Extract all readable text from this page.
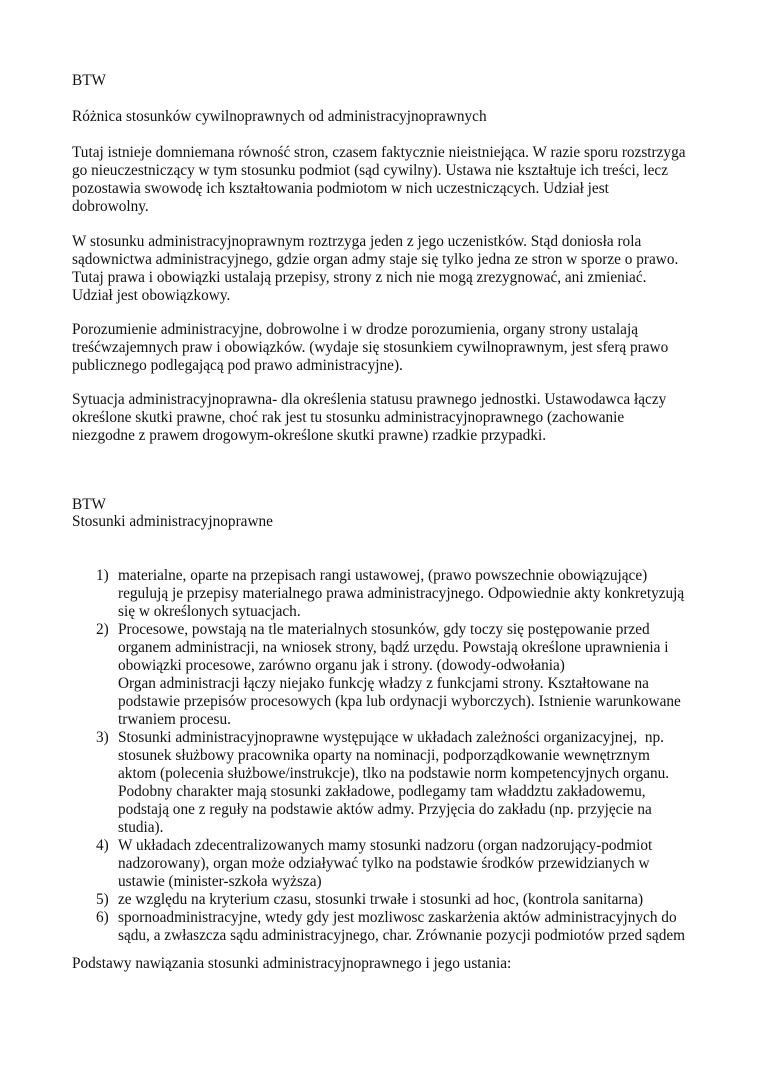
BTW
Różnica stosunków cywilnoprawnych od administracyjnoprawnych
Tutaj istnieje domniemana równość stron, czasem faktycznie nieistniejąca. W razie sporu rozstrzyga
go nieuczestniczący w tym stosunku podmiot (sąd cywilny). Ustawa nie kształtuje ich treści, lecz
pozostawia swowodę ich kształtowania podmiotom w nich uczestniczących. Udział jest
dobrowolny.
W stosunku administracyjnoprawnym roztrzyga jeden z jego uczenistków. Stąd doniosła rola
sądownictwa administracyjnego, gdzie organ admy staje się tylko jedna ze stron w sporze o prawo.
Tutaj prawa i obowiązki ustalają przepisy, strony z nich nie mogą zrezygnować, ani zmieniać.
Udział jest obowiązkowy.
Porozumienie administracyjne, dobrowolne i w drodze porozumienia, organy strony ustalają
treśćwzajemnych praw i obowiązków. (wydaje się stosunkiem cywilnoprawnym, jest sferą prawo
publicznego podlegającą pod prawo administracyjne).
Sytuacja administracyjnoprawna- dla określenia statusu prawnego jednostki. Ustawodawca łączy
określone skutki prawne, choć rak jest tu stosunku administracyjnoprawnego (zachowanie
niezgodne z prawem drogowym-określone skutki prawne) rzadkie przypadki.
BTW
Stosunki administracyjnoprawne
1) materialne, oparte na przepisach rangi ustawowej, (prawo powszechnie obowiązujące)
regulują je przepisy materialnego prawa administracyjnego. Odpowiednie akty konkretyzują
się w określonych sytuacjach.
2) Procesowe, powstają na tle materialnych stosunków, gdy toczy się postępowanie przed
organem administracji, na wniosek strony, bądź urzędu. Powstają określone uprawnienia i
obowiązki procesowe, zarówno organu jak i strony. (dowody-odwołania)
Organ administracji łączy niejako funkcję władzy z funkcjami strony. Kształtowane na
podstawie przepisów procesowych (kpa lub ordynacji wyborczych). Istnienie warunkowane
trwaniem procesu.
3) Stosunki administracyjnoprawne występujące w układach zależności organizacyjnej,  np.
stosunek służbowy pracownika oparty na nominacji, podporządkowanie wewnętrznym
aktom (polecenia służbowe/instrukcje), tlko na podstawie norm kompetencyjnych organu.
Podobny charakter mają stosunki zakładowe, podlegamy tam właddztu zakładowemu,
podstają one z reguły na podstawie aktów admy. Przyjęcia do zakładu (np. przyjęcie na
studia).
4) W układach zdecentralizowanych mamy stosunki nadzoru (organ nadzorujący-podmiot
nadzorowany), organ może odziaływać tylko na podstawie środków przewidzianych w
ustawie (minister-szkoła wyższa)
5) ze względu na kryterium czasu, stosunki trwałe i stosunki ad hoc, (kontrola sanitarna)
6) spornoadministracyjne, wtedy gdy jest mozliwosc zaskarżenia aktów administracyjnych do
sądu, a zwłaszcza sądu administracyjnego, char. Zrównanie pozycji podmiotów przed sądem
Podstawy nawiązania stosunki administracyjnoprawnego i jego ustania:
